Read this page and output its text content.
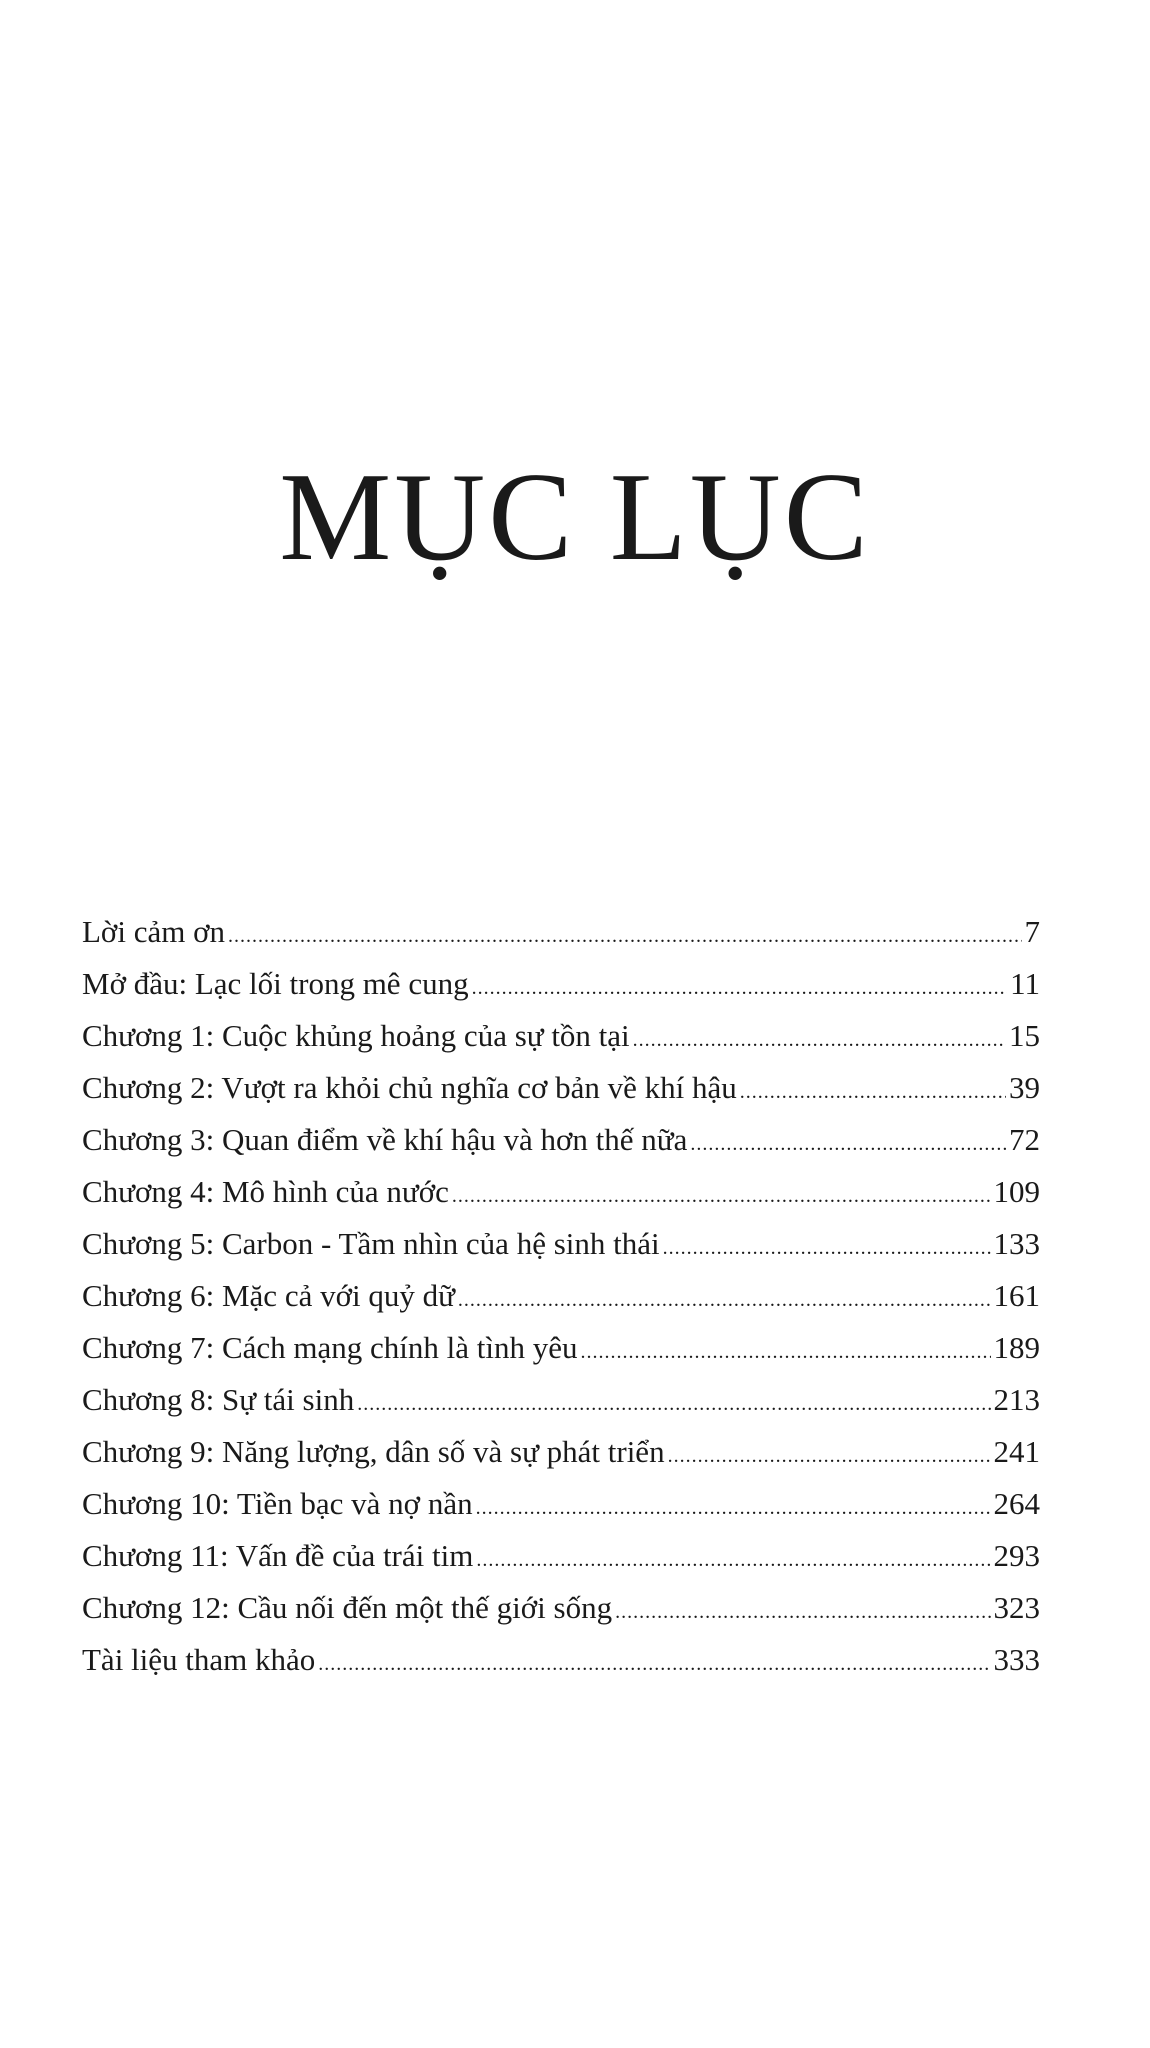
MỤC LỤC
Lời cảm ơn .....	7
Mở đầu: Lạc lối trong mê cung .....	11
Chương 1: Cuộc khủng hoảng của sự tồn tại .....	15
Chương 2: Vượt ra khỏi chủ nghĩa cơ bản về khí hậu .....	39
Chương 3: Quan điểm về khí hậu và hơn thế nữa .....	72
Chương 4: Mô hình của nước .....	109
Chương 5: Carbon - Tầm nhìn của hệ sinh thái .....	133
Chương 6: Mặc cả với quỷ dữ .....	161
Chương 7: Cách mạng chính là tình yêu .....	189
Chương 8: Sự tái sinh .....	213
Chương 9: Năng lượng, dân số và sự phát triển .....	241
Chương 10: Tiền bạc và nợ nần .....	264
Chương 11: Vấn đề của trái tim .....	293
Chương 12: Cầu nối đến một thế giới sống .....	323
Tài liệu tham khảo .....	333
